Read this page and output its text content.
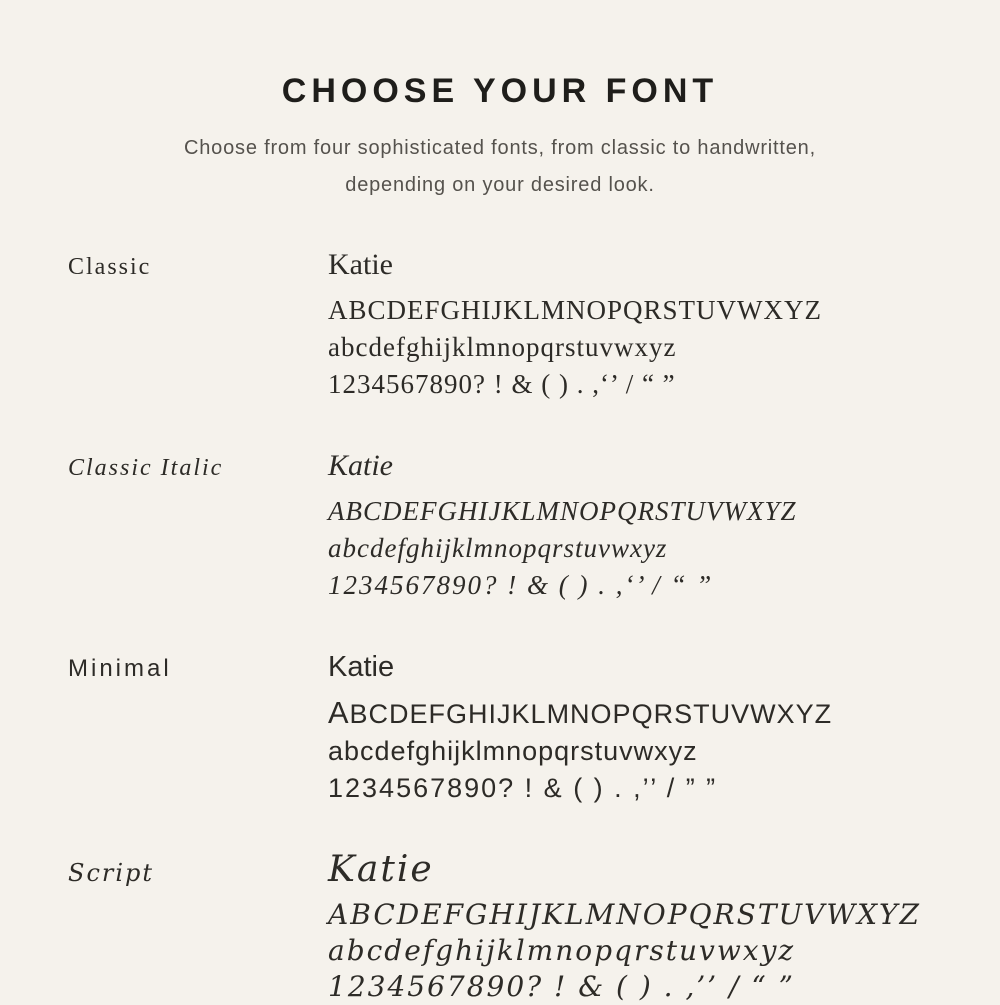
CHOOSE YOUR FONT
Choose from four sophisticated fonts, from classic to handwritten,
depending on your desired look.
Classic	Katie
ABCDEFGHIJKLMNOPQRSTUVWXYZ
abcdefghijklmnopqrstuvwxyz
1234567890? ! & ( ) . ,‘’ / “ ”
Classic Italic	Katie
ABCDEFGHIJKLMNOPQRSTUVWXYZ
abcdefghijklmnopqrstuvwxyz
1234567890? ! & ( ) . ,‘’ / “ ”
Minimal	Katie
ABCDEFGHIJKLMNOPQRSTUVWXYZ
abcdefghijklmnopqrstuvwxyz
1234567890? ! & ( ) . ,’’ / ” ”
Script	Katie
ABCDEFGHIJKLMNOPQRSTUVWXYZ
abcdefghijklmnopqrstuvwxyz
1234567890? ! & ( ) . ,’’ / “ ”
